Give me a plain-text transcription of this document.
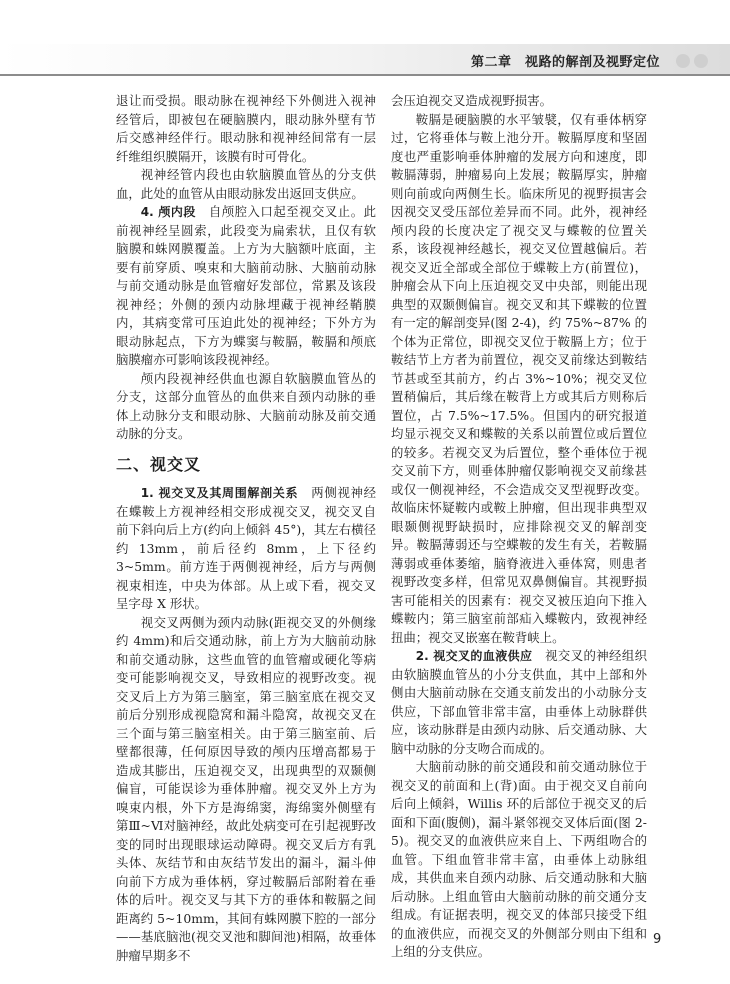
第二章　视路的解剖及视野定位

退让而受损。眼动脉在视神经下外侧进入视神经管后，即被包在硬脑膜内，眼动脉外壁有节后交感神经伴行。眼动脉和视神经间常有一层纤维组织膜隔开，该膜有时可骨化。

视神经管内段也由软脑膜血管丛的分支供血，此处的血管从由眼动脉发出返回支供应。

4. 颅内段　自颅腔入口起至视交叉止。此前视神经呈圆索，此段变为扁索状，且仅有软脑膜和蛛网膜覆盖。上方为大脑额叶底面，主要有前穿质、嗅束和大脑前动脉、大脑前动脉与前交通动脉是血管瘤好发部位，常累及该段视神经；外侧的颈内动脉埋藏于视神经鞘膜内，其病变常可压迫此处的视神经；下外方为眼动脉起点，下方为蝶窦与鞍膈，鞍膈和颅底脑膜瘤亦可影响该段视神经。

颅内段视神经供血也源自软脑膜血管丛的分支，这部分血管丛的血供来自颈内动脉的垂体上动脉分支和眼动脉、大脑前动脉及前交通动脉的分支。

二、视交叉

1. 视交叉及其周围解剖关系　两侧视神经在蝶鞍上方视神经相交形成视交叉，视交叉自前下斜向后上方(约向上倾斜 45°)，其左右横径约 13mm，前后径约 8mm，上下径约 3~5mm。前方连于两侧视神经，后方与两侧视束相连，中央为体部。从上或下看，视交叉呈字母 X 形状。

视交叉两侧为颈内动脉(距视交叉的外侧缘约 4mm)和后交通动脉，前上方为大脑前动脉和前交通动脉，这些血管的血管瘤或硬化等病变可能影响视交叉，导致相应的视野改变。视交叉后上方为第三脑室，第三脑室底在视交叉前后分别形成视隐窝和漏斗隐窝，故视交叉在三个面与第三脑室相关。由于第三脑室前、后壁都很薄，任何原因导致的颅内压增高都易于造成其膨出，压迫视交叉，出现典型的双颞侧偏盲，可能误诊为垂体肿瘤。视交叉外上方为嗅束内根，外下方是海绵窦，海绵窦外侧壁有第Ⅲ~Ⅵ对脑神经，故此处病变可在引起视野改变的同时出现眼球运动障碍。视交叉后方有乳头体、灰结节和由灰结节发出的漏斗，漏斗伸向前下方成为垂体柄，穿过鞍膈后部附着在垂体的后叶。视交叉与其下方的垂体和鞍膈之间距离约 5~10mm，其间有蛛网膜下腔的一部分——基底脑池(视交叉池和脚间池)相隔，故垂体肿瘤早期多不

会压迫视交叉造成视野损害。

鞍膈是硬脑膜的水平皱襞，仅有垂体柄穿过，它将垂体与鞍上池分开。鞍膈厚度和坚固度也严重影响垂体肿瘤的发展方向和速度，即鞍膈薄弱，肿瘤易向上发展；鞍膈厚实，肿瘤则向前或向两侧生长。临床所见的视野损害会因视交叉受压部位差异而不同。此外，视神经颅内段的长度决定了视交叉与蝶鞍的位置关系，该段视神经越长，视交叉位置越偏后。若视交叉近全部或全部位于蝶鞍上方(前置位)，肿瘤会从下向上压迫视交叉中央部，则能出现典型的双颞侧偏盲。视交叉和其下蝶鞍的位置有一定的解剖变异(图 2-4)，约 75%~87% 的个体为正常位，即视交叉位于鞍膈上方；位于鞍结节上方者为前置位，视交叉前缘达到鞍结节甚或至其前方，约占 3%~10%；视交叉位置稍偏后，其后缘在鞍背上方或其后方则称后置位，占 7.5%~17.5%。但国内的研究报道均显示视交叉和蝶鞍的关系以前置位或后置位的较多。若视交叉为后置位，整个垂体位于视交叉前下方，则垂体肿瘤仅影响视交叉前缘甚或仅一侧视神经，不会造成交叉型视野改变。故临床怀疑鞍内或鞍上肿瘤，但出现非典型双眼颞侧视野缺损时，应排除视交叉的解剖变异。鞍膈薄弱还与空蝶鞍的发生有关，若鞍膈薄弱或垂体萎缩，脑脊液进入垂体窝，则患者视野改变多样，但常见双鼻侧偏盲。其视野损害可能相关的因素有：视交叉被压迫向下推入蝶鞍内；第三脑室前部疝入蝶鞍内，致视神经扭曲；视交叉嵌塞在鞍背峡上。

2. 视交叉的血液供应　视交叉的神经组织由软脑膜血管丛的小分支供血，其中上部和外侧由大脑前动脉在交通支前发出的小动脉分支供应，下部血管非常丰富，由垂体上动脉群供应，该动脉群是由颈内动脉、后交通动脉、大脑中动脉的分支吻合而成的。

大脑前动脉的前交通段和前交通动脉位于视交叉的前面和上(背)面。由于视交叉自前向后向上倾斜，Willis 环的后部位于视交叉的后面和下面(腹侧)，漏斗紧邻视交叉体后面(图 2-5)。视交叉的血液供应来自上、下两组吻合的血管。下组血管非常丰富，由垂体上动脉组成，其供血来自颈内动脉、后交通动脉和大脑后动脉。上组血管由大脑前动脉的前交通分支组成。有证据表明，视交叉的体部只接受下组的血液供应，而视交叉的外侧部分则由下组和上组的分支供应。

9
